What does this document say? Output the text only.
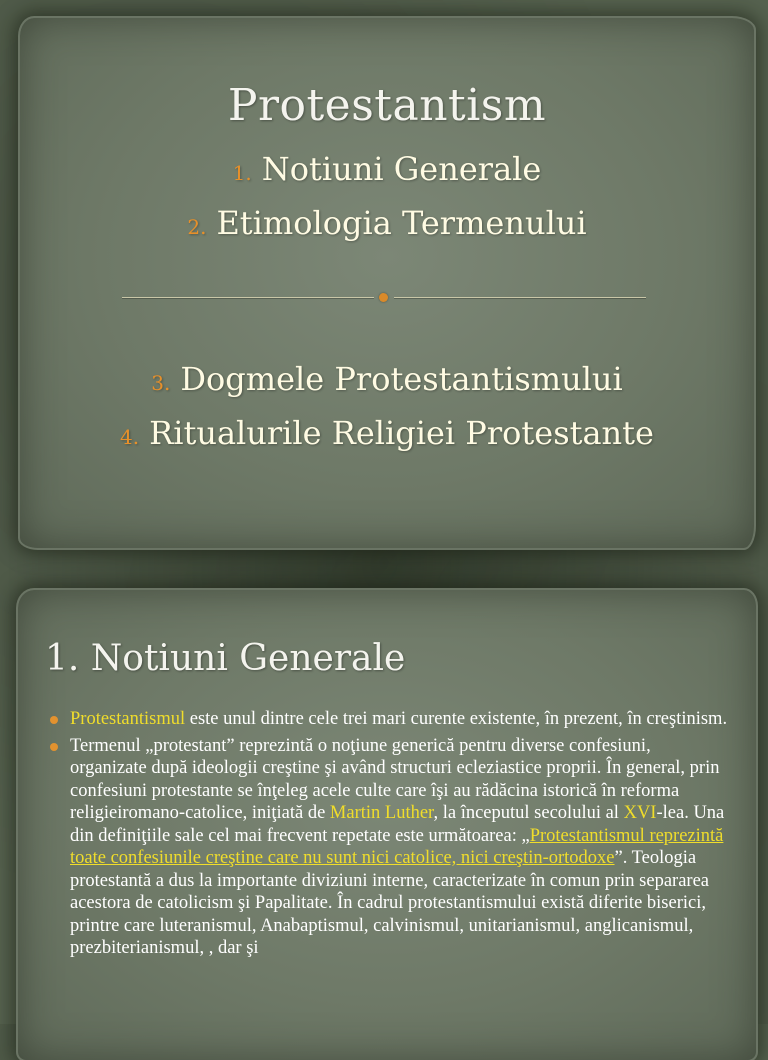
Protestantism
1. Notiuni Generale
2. Etimologia Termenului
3. Dogmele Protestantismului
4. Ritualurile Religiei Protestante
1. Notiuni Generale
Protestantismul este unul dintre cele trei mari curente existente, în prezent, în creştinism.
Termenul „protestant” reprezintă o noţiune generică pentru diverse confesiuni, organizate după ideologii creştine şi având structuri ecleziastice proprii. În general, prin confesiuni protestante se înţeleg acele culte care îşi au rădăcina istorică în reforma religieiromano-catolice, iniţiată de Martin Luther, la începutul secolului al XVI-lea. Una din definiţiile sale cel mai frecvent repetate este următoarea: „Protestantismul reprezintă toate confesiunile creştine care nu sunt nici catolice, nici creştin-ortodoxe”. Teologia protestantă a dus la importante diviziuni interne, caracterizate în comun prin separarea acestora de catolicism şi Papalitate. În cadrul protestantismului există diferite biserici, printre care luteranismul, Anabaptismul, calvinismul, unitarianismul, anglicanismul, prezbiterianismul, , dar şi
